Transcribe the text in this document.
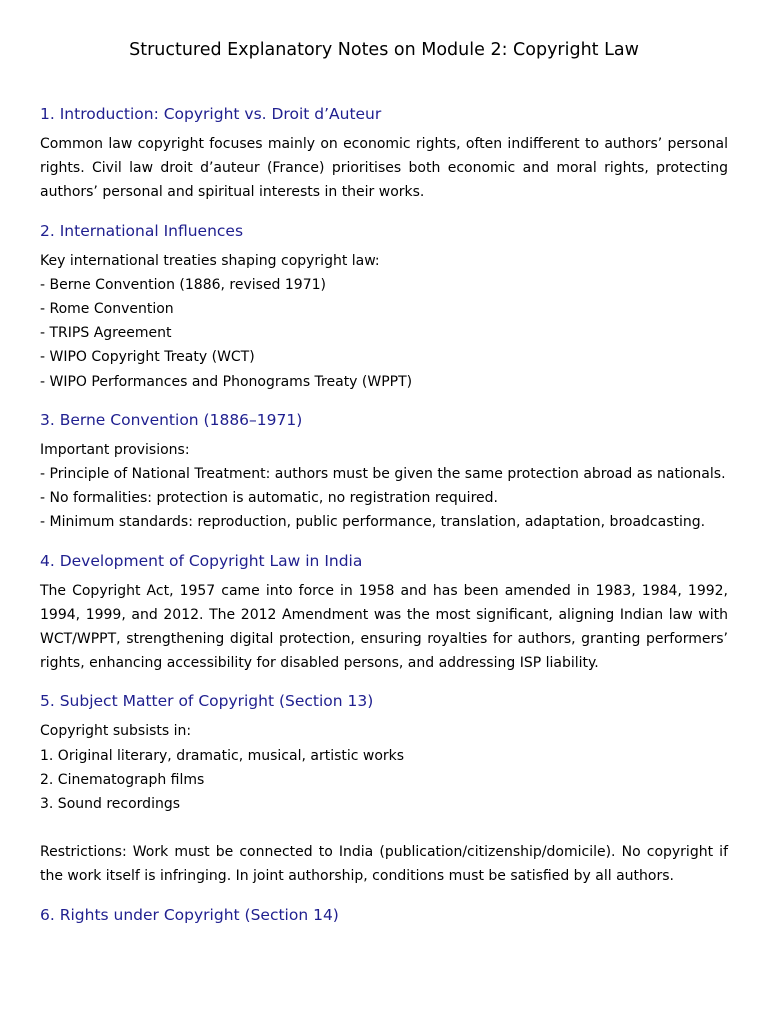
Structured Explanatory Notes on Module 2: Copyright Law
1. Introduction: Copyright vs. Droit d’Auteur

Common law copyright focuses mainly on economic rights, often indifferent to authors’ personal rights. Civil law droit d’auteur (France) prioritises both economic and moral rights, protecting authors’ personal and spiritual interests in their works.

2. International Influences

Key international treaties shaping copyright law:

- Berne Convention (1886, revised 1971)

- Rome Convention

- TRIPS Agreement

- WIPO Copyright Treaty (WCT)

- WIPO Performances and Phonograms Treaty (WPPT)

3. Berne Convention (1886–1971)

Important provisions:

- Principle of National Treatment: authors must be given the same protection abroad as nationals.

- No formalities: protection is automatic, no registration required.

- Minimum standards: reproduction, public performance, translation, adaptation, broadcasting.

4. Development of Copyright Law in India

The Copyright Act, 1957 came into force in 1958 and has been amended in 1983, 1984, 1992, 1994, 1999, and 2012. The 2012 Amendment was the most significant, aligning Indian law with WCT/WPPT, strengthening digital protection, ensuring royalties for authors, granting performers’ rights, enhancing accessibility for disabled persons, and addressing ISP liability.

5. Subject Matter of Copyright (Section 13)

Copyright subsists in:

1. Original literary, dramatic, musical, artistic works

2. Cinematograph films

3. Sound recordings

Restrictions: Work must be connected to India (publication/citizenship/domicile). No copyright if the work itself is infringing. In joint authorship, conditions must be satisfied by all authors.

6. Rights under Copyright (Section 14)
